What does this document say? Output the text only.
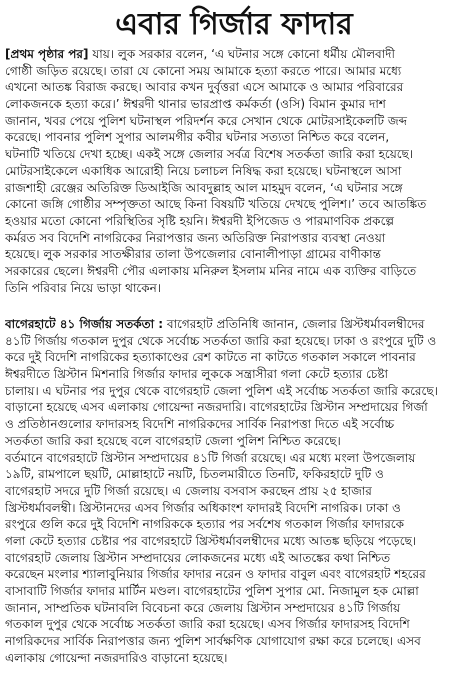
এবার গির্জার ফাদার
[প্রথম পৃষ্ঠার পর] যায়। লুক সরকার বলেন, ‘এ ঘটনার সঙ্গে কোনো ধর্মীয় মৌলবাদী
গোষ্ঠী জড়িত রয়েছে। তারা যে কোনো সময় আমাকে হত্যা করতে পারে। আমার মধ্যে
এখনো আতঙ্ক বিরাজ করছে। আবার কখন দুর্বৃত্তরা এসে আমাকে ও আমার পরিবারের
লোকজনকে হত্যা করে।’ ঈশ্বরদী থানার ভারপ্রাপ্ত কর্মকর্তা (ওসি) বিমান কুমার দাশ
জানান, খবর পেয়ে পুলিশ ঘটনাস্থল পরিদর্শন করে সেখান থেকে মোটরসাইকেলটি জব্দ
করেছে। পাবনার পুলিশ সুপার আলমগীর কবীর ঘটনার সত্যতা নিশ্চিত করে বলেন,
ঘটনাটি খতিয়ে দেখা হচ্ছে। একই সঙ্গে জেলার সর্বত্র বিশেষ সতর্কতা জারি করা হয়েছে।
মোটরসাইকেলে একাধিক আরোহী নিয়ে চলাচল নিষিদ্ধ করা হয়েছে। ঘটনাস্থলে আসা
রাজশাহী রেঞ্জের অতিরিক্ত ডিআইজি আবদুল্লাহ আল মাহমুদ বলেন, ‘এ ঘটনার সঙ্গে
কোনো জঙ্গি গোষ্ঠীর সম্পৃক্ততা আছে কিনা বিষয়টি খতিয়ে দেখছে পুলিশ।’ তবে আতঙ্কিত
হওয়ার মতো কোনো পরিস্থিতির সৃষ্টি হয়নি। ঈশ্বরদী ইপিজেড ও পারমাণবিক প্রকল্পে
কর্মরত সব বিদেশি নাগরিকের নিরাপত্তার জন্য অতিরিক্ত নিরাপত্তার ব্যবস্থা নেওয়া
হয়েছে। লুক সরকার সাতক্ষীরার তালা উপজেলার বোনালীপাড়া গ্রামের বাণীকান্ত
সরকারের ছেলে। ঈশ্বরদী পৌর এলাকায় মনিরুল ইসলাম মনির নামে এক ব্যক্তির বাড়িতে
তিনি পরিবার নিয়ে ভাড়া থাকেন।
বাগেরহাটে ৪১ গির্জায় সতর্কতা : বাগেরহাট প্রতিনিধি জানান, জেলার খ্রিস্টধর্মাবলম্বীদের
৪১টি গির্জায় গতকাল দুপুর থেকে সর্বোচ্চ সতর্কতা জারি করা হয়েছে। ঢাকা ও রংপুরে দুটি ও
করে দুই বিদেশি নাগরিকের হত্যাকাণ্ডের রেশ কাটতে না কাটতে গতকাল সকালে পাবনার
ঈশ্বরদীতে খ্রিস্টান মিশনারি গির্জার ফাদার লুককে সন্ত্রাসীরা গলা কেটে হত্যার চেষ্টা
চালায়। এ ঘটনার পর দুপুর থেকে বাগেরহাট জেলা পুলিশ এই সর্বোচ্চ সতর্কতা জারি করেছে।
বাড়ানো হয়েছে এসব এলাকায় গোয়েন্দা নজরদারি। বাগেরহাটের খ্রিস্টান সম্প্রদায়ের গির্জা
ও প্রতিষ্ঠানগুলোর ফাদারসহ বিদেশি নাগরিকদের সার্বিক নিরাপত্তা দিতে এই সর্বোচ্চ
সতর্কতা জারি করা হয়েছে বলে বাগেরহাট জেলা পুলিশ নিশ্চিত করেছে।
বর্তমানে বাগেরহাটে খ্রিস্টান সম্প্রদায়ের ৪১টি গির্জা রয়েছে। এর মধ্যে মংলা উপজেলায়
১৯টি, রামপালে ছয়টি, মোল্লাহাটে নয়টি, চিতলমারীতে তিনটি, ফকিরহাটে দুটি ও
বাগেরহাট সদরে দুটি গির্জা রয়েছে। এ জেলায় বসবাস করছেন প্রায় ২৫ হাজার
খ্রিস্টধর্মাবলম্বী। খ্রিস্টানদের এসব গির্জার অধিকাংশ ফাদারই বিদেশি নাগরিক। ঢাকা ও
রংপুরে গুলি করে দুই বিদেশি নাগরিককে হত্যার পর সর্বশেষ গতকাল গির্জার ফাদারকে
গলা কেটে হত্যার চেষ্টার পর বাগেরহাটে খ্রিস্টধর্মাবলম্বীদের মধ্যে আতঙ্ক ছড়িয়ে পড়েছে।
বাগেরহাট জেলায় খ্রিস্টান সম্প্রদায়ের লোকজনের মধ্যে এই আতঙ্কের কথা নিশ্চিত
করেছেন মংলার শ্যালাবুনিয়ার গির্জার ফাদার নরেন ও ফাদার বাবুল এবং বাগেরহাট শহরের
বাসাবাটি গির্জার ফাদার মার্টিন মণ্ডল। বাগেরহাটের পুলিশ সুপার মো. নিজামুল হক মোল্লা
জানান, সাম্প্রতিক ঘটনাবলি বিবেচনা করে জেলায় খ্রিস্টান সম্প্রদায়ের ৪১টি গির্জায়
গতকাল দুপুর থেকে সর্বোচ্চ সতর্কতা জারি করা হয়েছে। এসব গির্জার ফাদারসহ বিদেশি
নাগরিকদের সার্বিক নিরাপত্তার জন্য পুলিশ সার্বক্ষণিক যোগাযোগ রক্ষা করে চলেছে। এসব
এলাকায় গোয়েন্দা নজরদারিও বাড়ানো হয়েছে।
